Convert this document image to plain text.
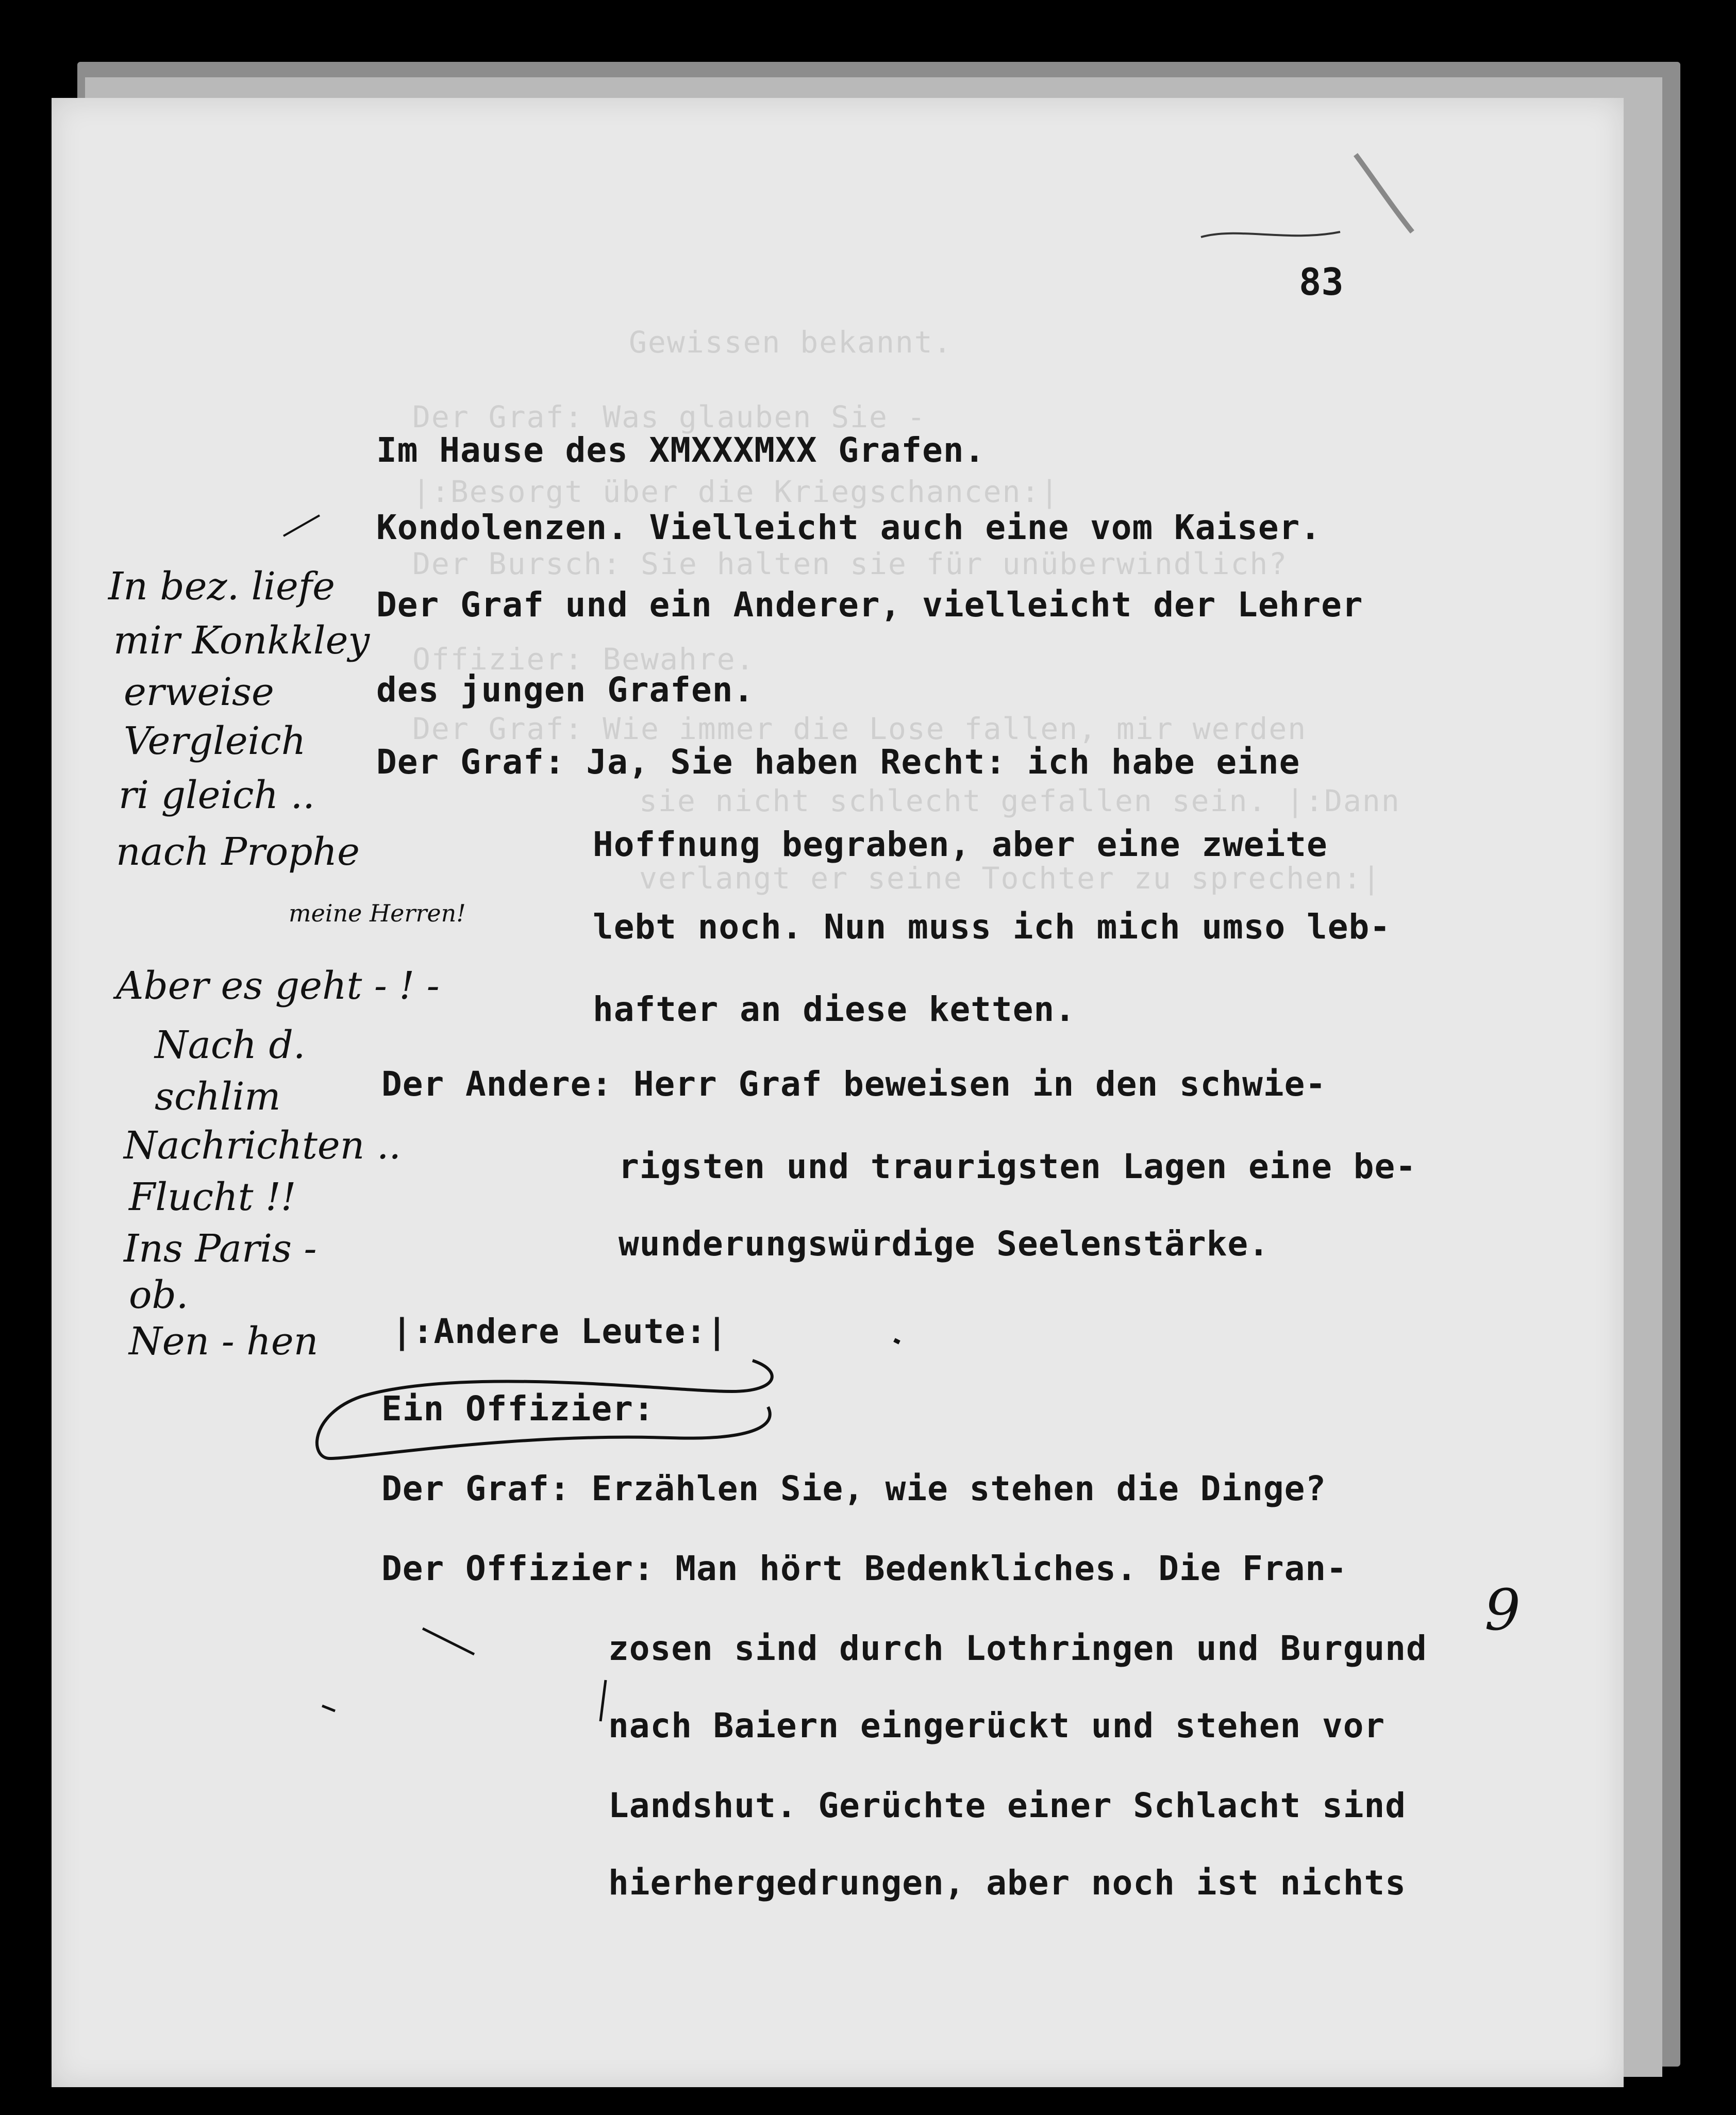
Gewissen bekannt.
Der Graf: Was glauben Sie -
|:Besorgt über die Kriegschancen:|
Der Bursch: Sie halten sie für unüberwindlich?
Offizier: Bewahre.
Der Graf: Wie immer die Lose fallen, mir werden
sie nicht schlecht gefallen sein. |:Dann
verlangt er seine Tochter zu sprechen:|
83
Im Hause des XMXXXMXX Grafen.
Kondolenzen. Vielleicht auch eine vom Kaiser.
Der Graf und ein Anderer, vielleicht der Lehrer
des jungen Grafen.
Der Graf: Ja, Sie haben Recht: ich habe eine
Hoffnung begraben, aber eine zweite
lebt noch. Nun muss ich mich umso leb-
hafter an diese ketten.
Der Andere: Herr Graf beweisen in den schwie-
rigsten und traurigsten Lagen eine be-
wunderungswürdige Seelenstärke.
|:Andere Leute:|
Ein Offizier:
Der Graf: Erzählen Sie, wie stehen die Dinge?
Der Offizier: Man hört Bedenkliches. Die Fran-
zosen sind durch Lothringen und Burgund
nach Baiern eingerückt und stehen vor
Landshut. Gerüchte einer Schlacht sind
hierhergedrungen, aber noch ist nichts
In bez. liefe
mir Konkkley
erweise
Vergleich
ri gleich ..
nach Prophe
meine Herren!
Aber es geht - ! -
Nach d.
schlim
Nachrichten ..
Flucht !!
Ins Paris -
ob.
Nen - hen
9
